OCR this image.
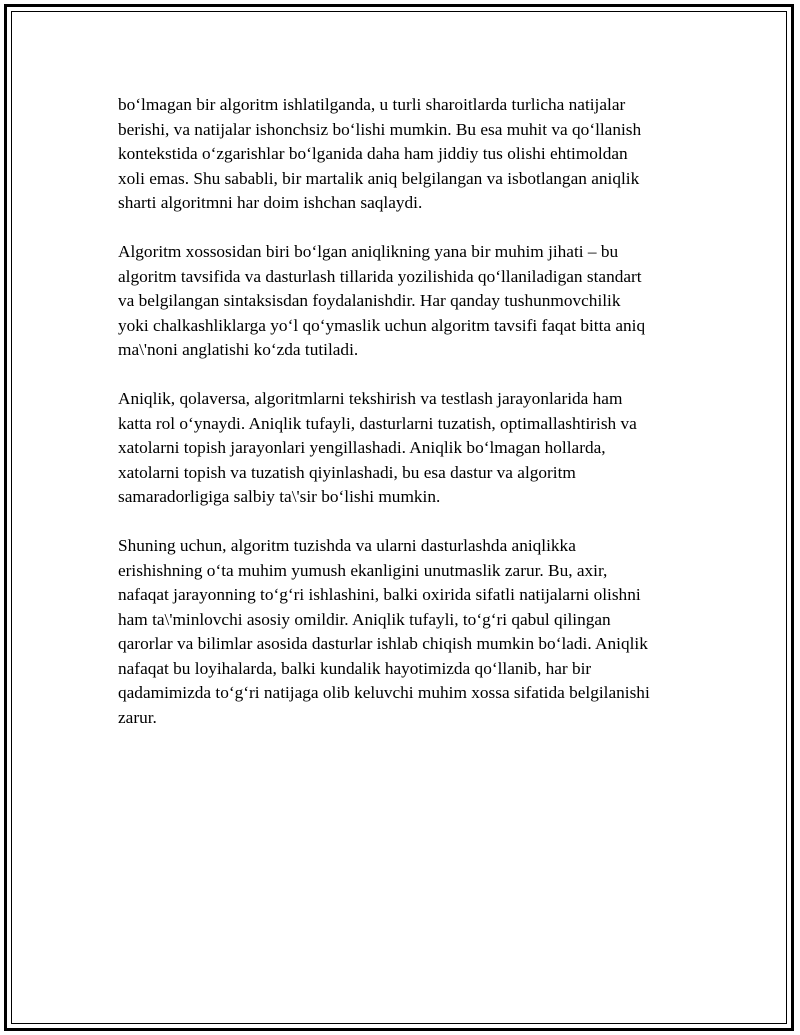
bo‘lmagan bir algoritm ishlatilganda, u turli sharoitlarda turlicha natijalar
berishi, va natijalar ishonchsiz bo‘lishi mumkin. Bu esa muhit va qo‘llanish
kontekstida o‘zgarishlar bo‘lganida daha ham jiddiy tus olishi ehtimoldan
xoli emas. Shu sababli, bir martalik aniq belgilangan va isbotlangan aniqlik
sharti algoritmni har doim ishchan saqlaydi.

Algoritm xossosidan biri bo‘lgan aniqlikning yana bir muhim jihati – bu
algoritm tavsifida va dasturlash tillarida yozilishida qo‘llaniladigan standart
va belgilangan sintaksisdan foydalanishdir. Har qanday tushunmovchilik
yoki chalkashliklarga yo‘l qo‘ymaslik uchun algoritm tavsifi faqat bitta aniq
ma\'noni anglatishi ko‘zda tutiladi.

Aniqlik, qolaversa, algoritmlarni tekshirish va testlash jarayonlarida ham
katta rol o‘ynaydi. Aniqlik tufayli, dasturlarni tuzatish, optimallashtirish va
xatolarni topish jarayonlari yengillashadi. Aniqlik bo‘lmagan hollarda,
xatolarni topish va tuzatish qiyinlashadi, bu esa dastur va algoritm
samaradorligiga salbiy ta\'sir bo‘lishi mumkin.

Shuning uchun, algoritm tuzishda va ularni dasturlashda aniqlikka
erishishning o‘ta muhim yumush ekanligini unutmaslik zarur. Bu, axir,
nafaqat jarayonning to‘g‘ri ishlashini, balki oxirida sifatli natijalarni olishni
ham ta\'minlovchi asosiy omildir. Aniqlik tufayli, to‘g‘ri qabul qilingan
qarorlar va bilimlar asosida dasturlar ishlab chiqish mumkin bo‘ladi. Aniqlik
nafaqat bu loyihalarda, balki kundalik hayotimizda qo‘llanib, har bir
qadamimizda to‘g‘ri natijaga olib keluvchi muhim xossa sifatida belgilanishi
zarur.
